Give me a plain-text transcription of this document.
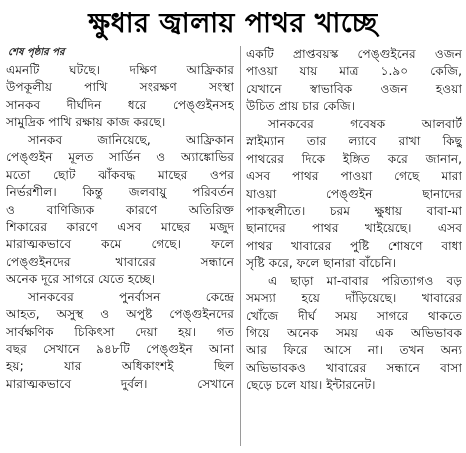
ক্ষুধার জ্বালায় পাথর খাচ্ছে
শেষ পৃষ্ঠার পর
এমনটি ঘটছে। দক্ষিণ আফ্রিকার
উপকূলীয় পাখি সংরক্ষণ সংস্থা
সানকব দীর্ঘদিন ধরে পেঙ্গুইনসহ
সামুদ্রিক পাখি রক্ষায় কাজ করছে।
সানকব জানিয়েছে, আফ্রিকান
পেঙ্গুইন মূলত সার্ডিন ও অ্যাঙ্কোভির
মতো ছোট ঝাঁকবদ্ধ মাছের ওপর
নির্ভরশীল। কিন্তু জলবায়ু পরিবর্তন
ও বাণিজ্যিক কারণে অতিরিক্ত
শিকারের কারণে এসব মাছের মজুদ
মারাত্মকভাবে কমে গেছে। ফলে
পেঙ্গুইনদের খাবারের সন্ধানে
অনেক দূরে সাগরে যেতে হচ্ছে।
সানকবের পুনর্বাসন কেন্দ্রে
আহত, অসুস্থ ও অপুষ্ট পেঙ্গুইনদের
সার্বক্ষণিক চিকিৎসা দেয়া হয়। গত
বছর সেখানে ৯৪৮টি পেঙ্গুইন আনা
হয়; যার অধিকাংশই ছিল
মারাত্মকভাবে দুর্বল। সেখানে
একটি প্রাপ্তবয়স্ক পেঙ্গুইনের ওজন
পাওয়া যায় মাত্র ১.৯০ কেজি,
যেখানে স্বাভাবিক ওজন হওয়া
উচিত প্রায় চার কেজি।
সানকবের গবেষক আলবার্ট
স্নাইম্যান তার ল্যাবে রাখা কিছু
পাথরের দিকে ইঙ্গিত করে জানান,
এসব পাথর পাওয়া গেছে মারা
যাওয়া পেঙ্গুইন ছানাদের
পাকস্থলীতে। চরম ক্ষুধায় বাবা-মা
ছানাদের পাথর খাইয়েছে। এসব
পাথর খাবারের পুষ্টি শোষণে বাধা
সৃষ্টি করে, ফলে ছানারা বাঁচেনি।
এ ছাড়া মা-বাবার পরিত্যাগও বড়
সমস্যা হয়ে দাঁড়িয়েছে। খাবারের
খোঁজে দীর্ঘ সময় সাগরে থাকতে
গিয়ে অনেক সময় এক অভিভাবক
আর ফিরে আসে না। তখন অন্য
অভিভাবকও খাবারের সন্ধানে বাসা
ছেড়ে চলে যায়। ইন্টারনেট।
